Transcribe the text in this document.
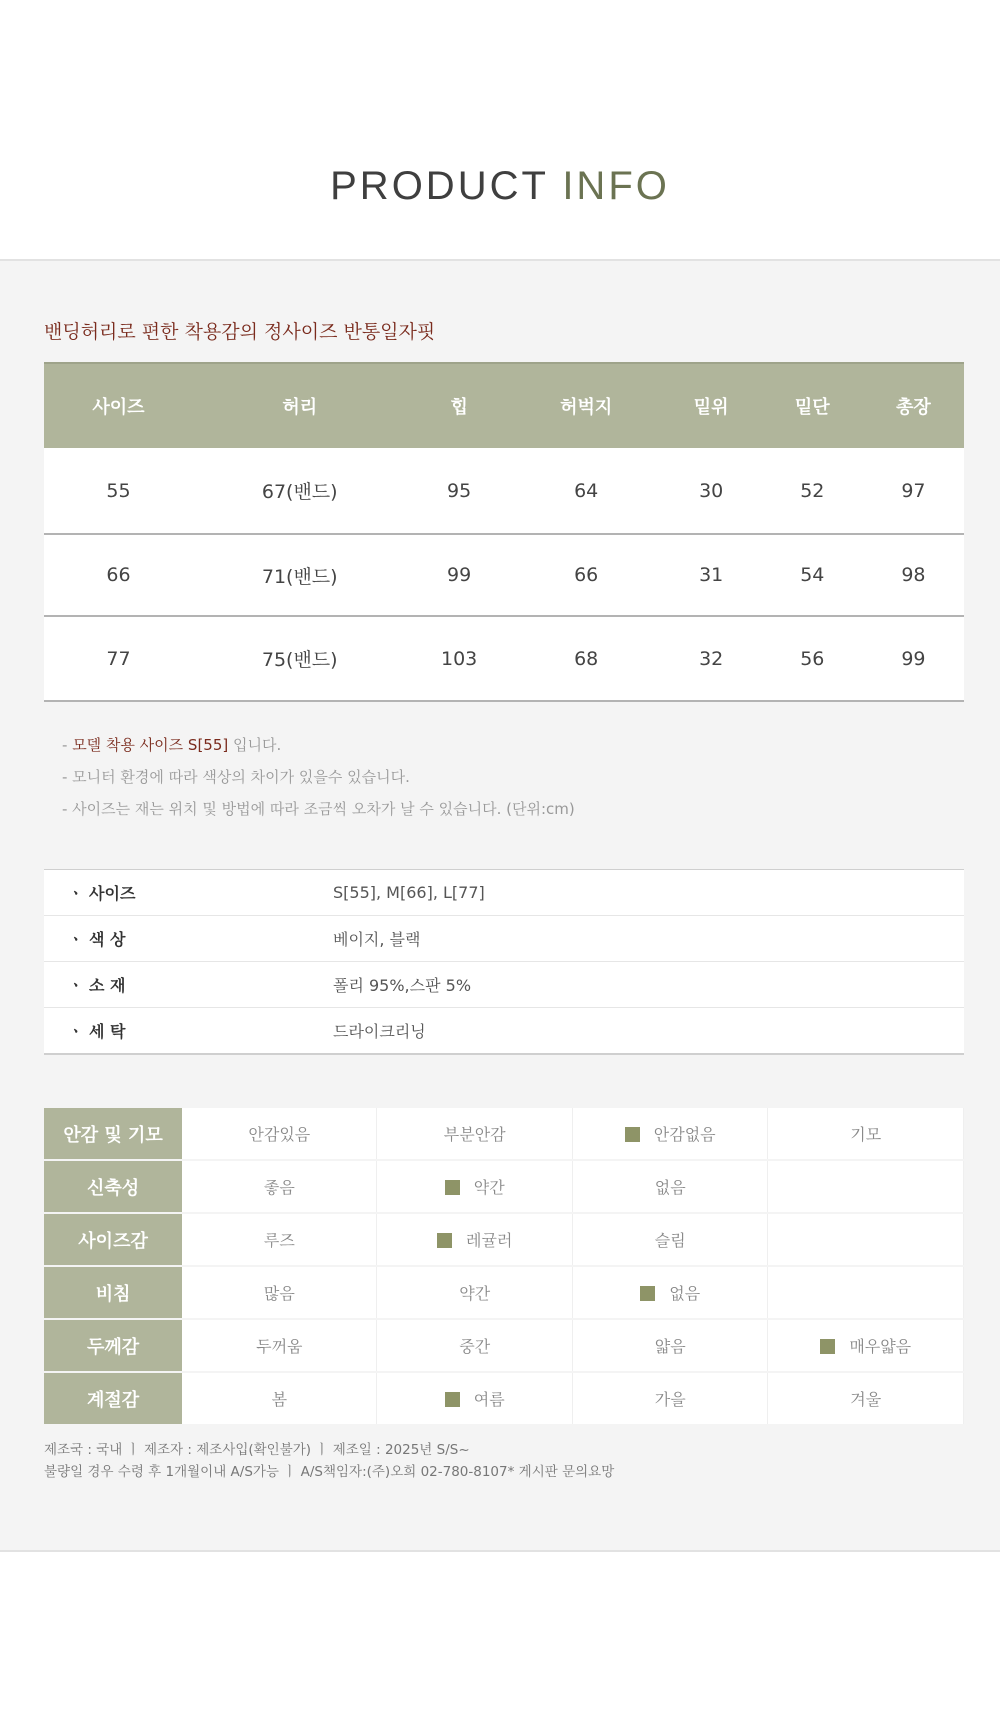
PRODUCT INFO
밴딩허리로 편한 착용감의 정사이즈 반통일자핏
사이즈	허리	힙	허벅지	밑위	밑단	총장
55	67(밴드)	95	64	30	52	97
66	71(밴드)	99	66	31	54	98
77	75(밴드)	103	68	32	56	99
- 모델 착용 사이즈 S[55] 입니다.
- 모니터 환경에 따라 색상의 차이가 있을수 있습니다.
- 사이즈는 재는 위치 및 방법에 따라 조금씩 오차가 날 수 있습니다. (단위:cm)
ㆍ 사이즈	S[55], M[66], L[77]
ㆍ 색 상	베이지, 블랙
ㆍ 소 재	폴리 95%,스판 5%
ㆍ 세 탁	드라이크리닝
안감 및 기모	안감있음	부분안감	안감없음	기모
신축성	좋음	약간	없음	
사이즈감	루즈	레귤러	슬림	
비침	많음	약간	없음	
두께감	두꺼움	중간	얇음	매우얇음
계절감	봄	여름	가을	겨울
제조국 : 국내 ㅣ 제조자 : 제조사입(확인불가) ㅣ 제조일 : 2025년 S/S~
불량일 경우 수령 후 1개월이내 A/S가능 ㅣ A/S책임자:(주)오희 02-780-8107* 게시판 문의요망
